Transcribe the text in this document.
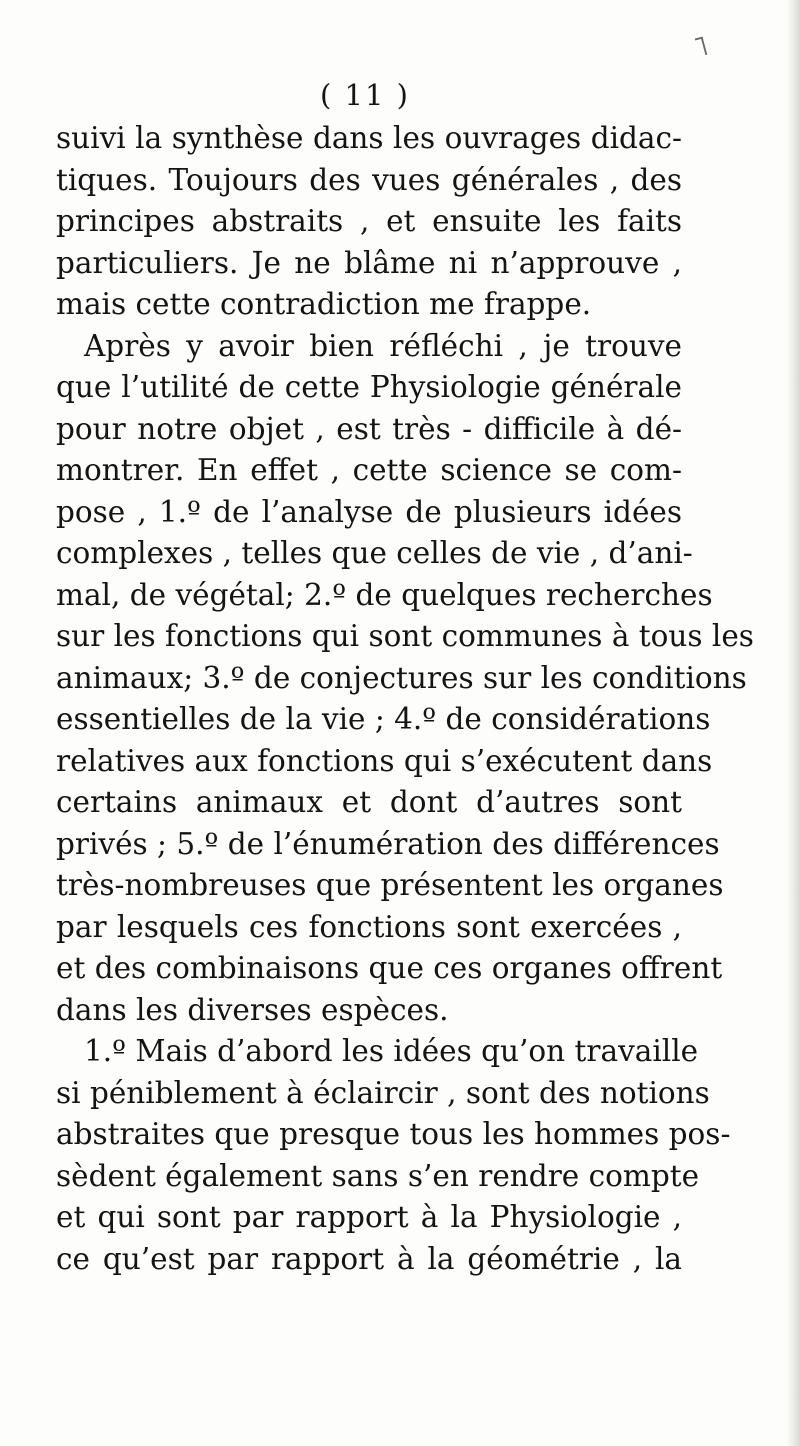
˥
( 11 )
suivi la synthèse dans les ouvrages didac-
tiques. Toujours des vues générales , des
principes abstraits , et ensuite les faits
particuliers. Je ne blâme ni n’approuve ,
mais cette contradiction me frappe.
Après y avoir bien réfléchi , je trouve
que l’utilité de cette Physiologie générale
pour notre objet , est très - difficile à dé-
montrer. En effet , cette science se com-
pose , 1.º de l’analyse de plusieurs idées
complexes , telles que celles de vie , d’ani-
mal, de végétal; 2.º de quelques recherches
sur les fonctions qui sont communes à tous les
animaux; 3.º de conjectures sur les conditions
essentielles de la vie ; 4.º de considérations
relatives aux fonctions qui s’exécutent dans
certains animaux et dont d’autres sont
privés ; 5.º de l’énumération des différences
très-nombreuses que présentent les organes
par lesquels ces fonctions sont exercées ,
et des combinaisons que ces organes offrent
dans les diverses espèces.
1.º Mais d’abord les idées qu’on travaille
si péniblement à éclaircir , sont des notions
abstraites que presque tous les hommes pos-
sèdent également sans s’en rendre compte
et qui sont par rapport à la Physiologie ,
ce qu’est par rapport à la géométrie , la
